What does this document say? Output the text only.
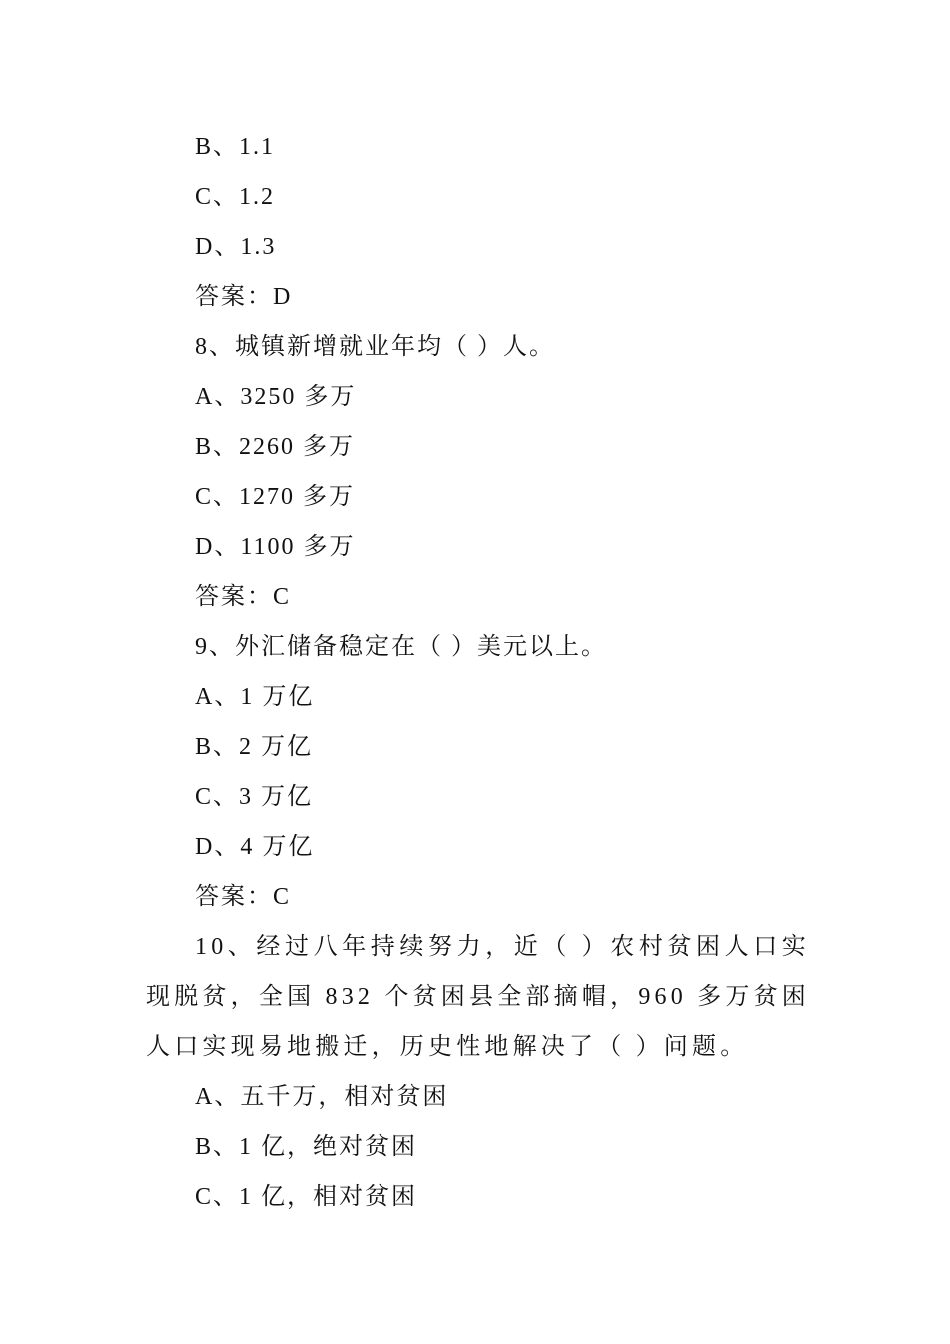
B、1.1
C、1.2
D、1.3
答案：D
8、城镇新增就业年均（ ）人。
A、3250 多万
B、2260 多万
C、1270 多万
D、1100 多万
答案：C
9、外汇储备稳定在（ ）美元以上。
A、1 万亿
B、2 万亿
C、3 万亿
D、4 万亿
答案：C

10、经过八年持续努力，近（ ）农村贫困人口实现脱贫，全国 832 个贫困县全部摘帽，960 多万贫困人口实现易地搬迁，历史性地解决了（ ）问题。

A、五千万，相对贫困
B、1 亿，绝对贫困
C、1 亿，相对贫困
